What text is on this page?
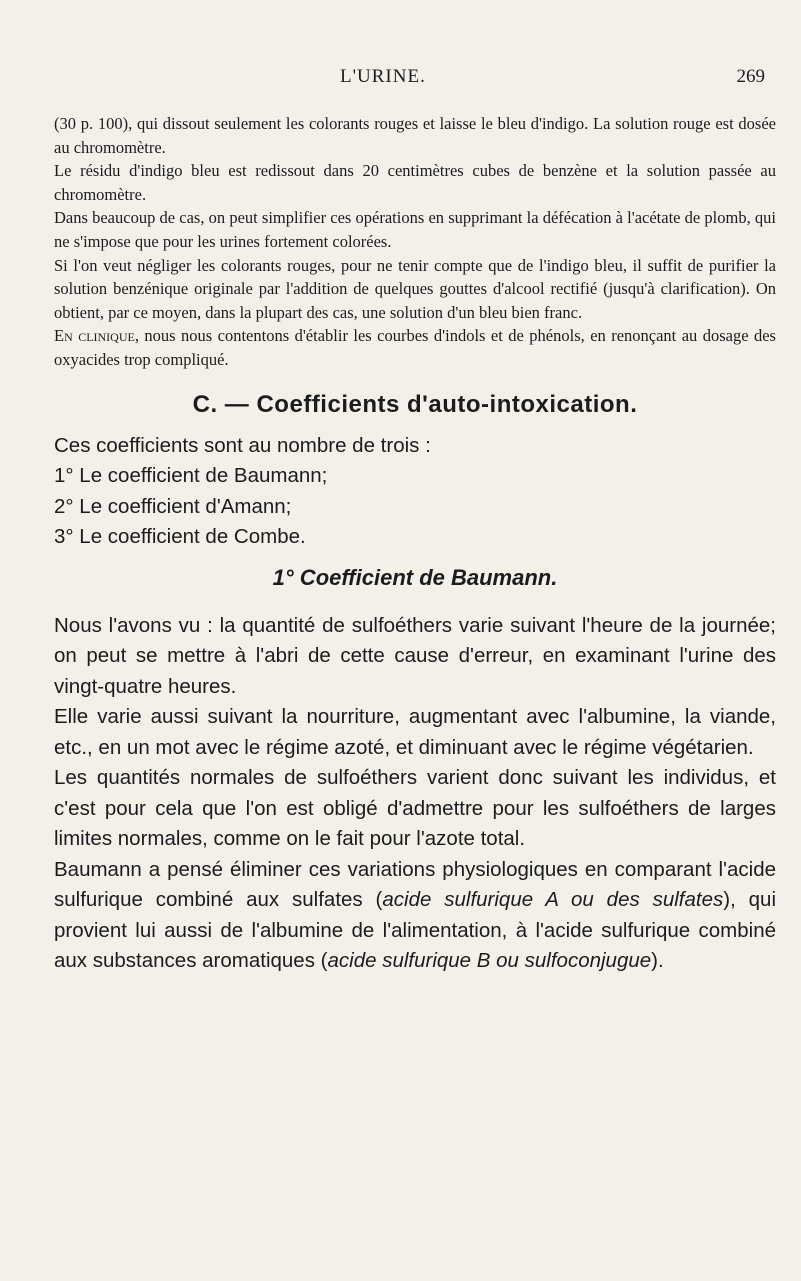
L'URINE.	269

(30 p. 100), qui dissout seulement les colorants rouges et laisse le bleu d'indigo. La solution rouge est dosée au chromomètre.

Le résidu d'indigo bleu est redissout dans 20 centimètres cubes de benzène et la solution passée au chromomètre.

Dans beaucoup de cas, on peut simplifier ces opérations en supprimant la défécation à l'acétate de plomb, qui ne s'impose que pour les urines fortement colorées.

Si l'on veut négliger les colorants rouges, pour ne tenir compte que de l'indigo bleu, il suffit de purifier la solution benzénique originale par l'addition de quelques gouttes d'alcool rectifié (jusqu'à clarification). On obtient, par ce moyen, dans la plupart des cas, une solution d'un bleu bien franc.

En clinique, nous nous contentons d'établir les courbes d'indols et de phénols, en renonçant au dosage des oxyacides trop compliqué.

C. — Coefficients d'auto-intoxication.

Ces coefficients sont au nombre de trois :

1° Le coefficient de Baumann;
2° Le coefficient d'Amann;
3° Le coefficient de Combe.
1° Coefficient de Baumann.

Nous l'avons vu : la quantité de sulfoéthers varie suivant l'heure de la journée; on peut se mettre à l'abri de cette cause d'erreur, en examinant l'urine des vingt-quatre heures.

Elle varie aussi suivant la nourriture, augmentant avec l'albumine, la viande, etc., en un mot avec le régime azoté, et diminuant avec le régime végétarien.

Les quantités normales de sulfoéthers varient donc suivant les individus, et c'est pour cela que l'on est obligé d'admettre pour les sulfoéthers de larges limites normales, comme on le fait pour l'azote total.

Baumann a pensé éliminer ces variations physiologiques en comparant l'acide sulfurique combiné aux sulfates (acide sulfurique A ou des sulfates), qui provient lui aussi de l'albumine de l'alimentation, à l'acide sulfurique combiné aux substances aromatiques (acide sulfurique B ou sulfoconjugue).
